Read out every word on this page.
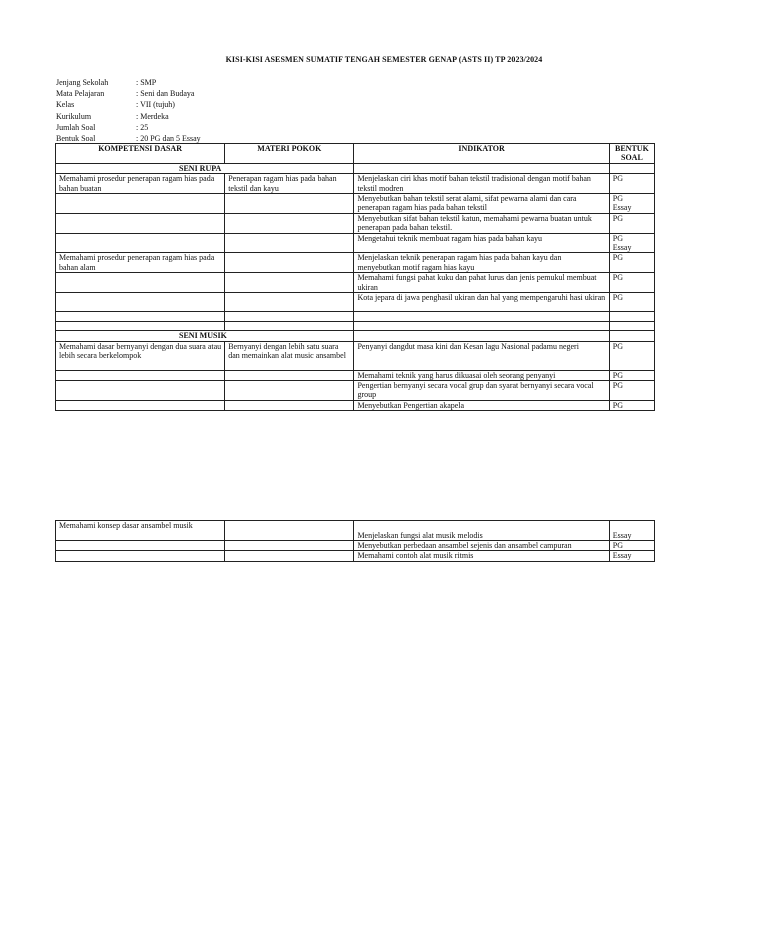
KISI-KISI ASESMEN SUMATIF TENGAH SEMESTER GENAP (ASTS II) TP 2023/2024
Jenjang Sekolah	: SMP
Mata Pelajaran	: Seni dan Budaya
Kelas	: VII (tujuh)
Kurikulum	: Merdeka
Jumlah Soal	: 25
Bentuk Soal	: 20 PG dan 5 Essay
KOMPETENSI DASAR	MATERI POKOK	INDIKATOR	BENTUK SOAL
SENI RUPA			
Memahami prosedur penerapan ragam hias pada bahan buatan	Penerapan ragam hias pada bahan tekstil dan kayu	Menjelaskan ciri khas motif bahan tekstil tradisional dengan motif bahan tekstil modren	PG
		Menyebutkan bahan tekstil serat alami, sifat pewarna alami dan cara penerapan ragam hias pada bahan tekstil	PG Essay
		Menyebutkan sifat bahan tekstil katun, memahami pewarna buatan untuk penerapan pada bahan tekstil.	PG
		Mengetahui teknik membuat ragam hias pada bahan kayu	PG Essay
Memahami prosedur penerapan ragam hias pada bahan alam		Menjelaskan teknik penerapan ragam hias pada bahan kayu dan menyebutkan motif ragam hias kayu	PG
		Memahami fungsi pahat kuku dan pahat lurus dan jenis pemukul membuat ukiran	PG
		Kota jepara di jawa penghasil ukiran dan hal yang mempengaruhi hasi ukiran	PG

SENI MUSIK			
Memahami dasar bernyanyi dengan dua suara atau lebih secara berkelompok	Bernyanyi dengan lebih satu suara dan memainkan alat music ansambel	Penyanyi dangdut masa kini dan Kesan lagu Nasional padamu negeri	PG
		Memahami teknik yang harus dikuasai oleh seorang penyanyi	PG
		Pengertian bernyanyi secara vocal grup dan syarat bernyanyi secara vocal group	PG
		Menyebutkan Pengertian akapela	PG
Memahami konsep dasar ansambel musik		Menjelaskan fungsi alat musik melodis	Essay
		Menyebutkan perbedaan ansambel sejenis dan ansambel campuran	PG
		Memahami contoh alat musik ritmis	Essay
